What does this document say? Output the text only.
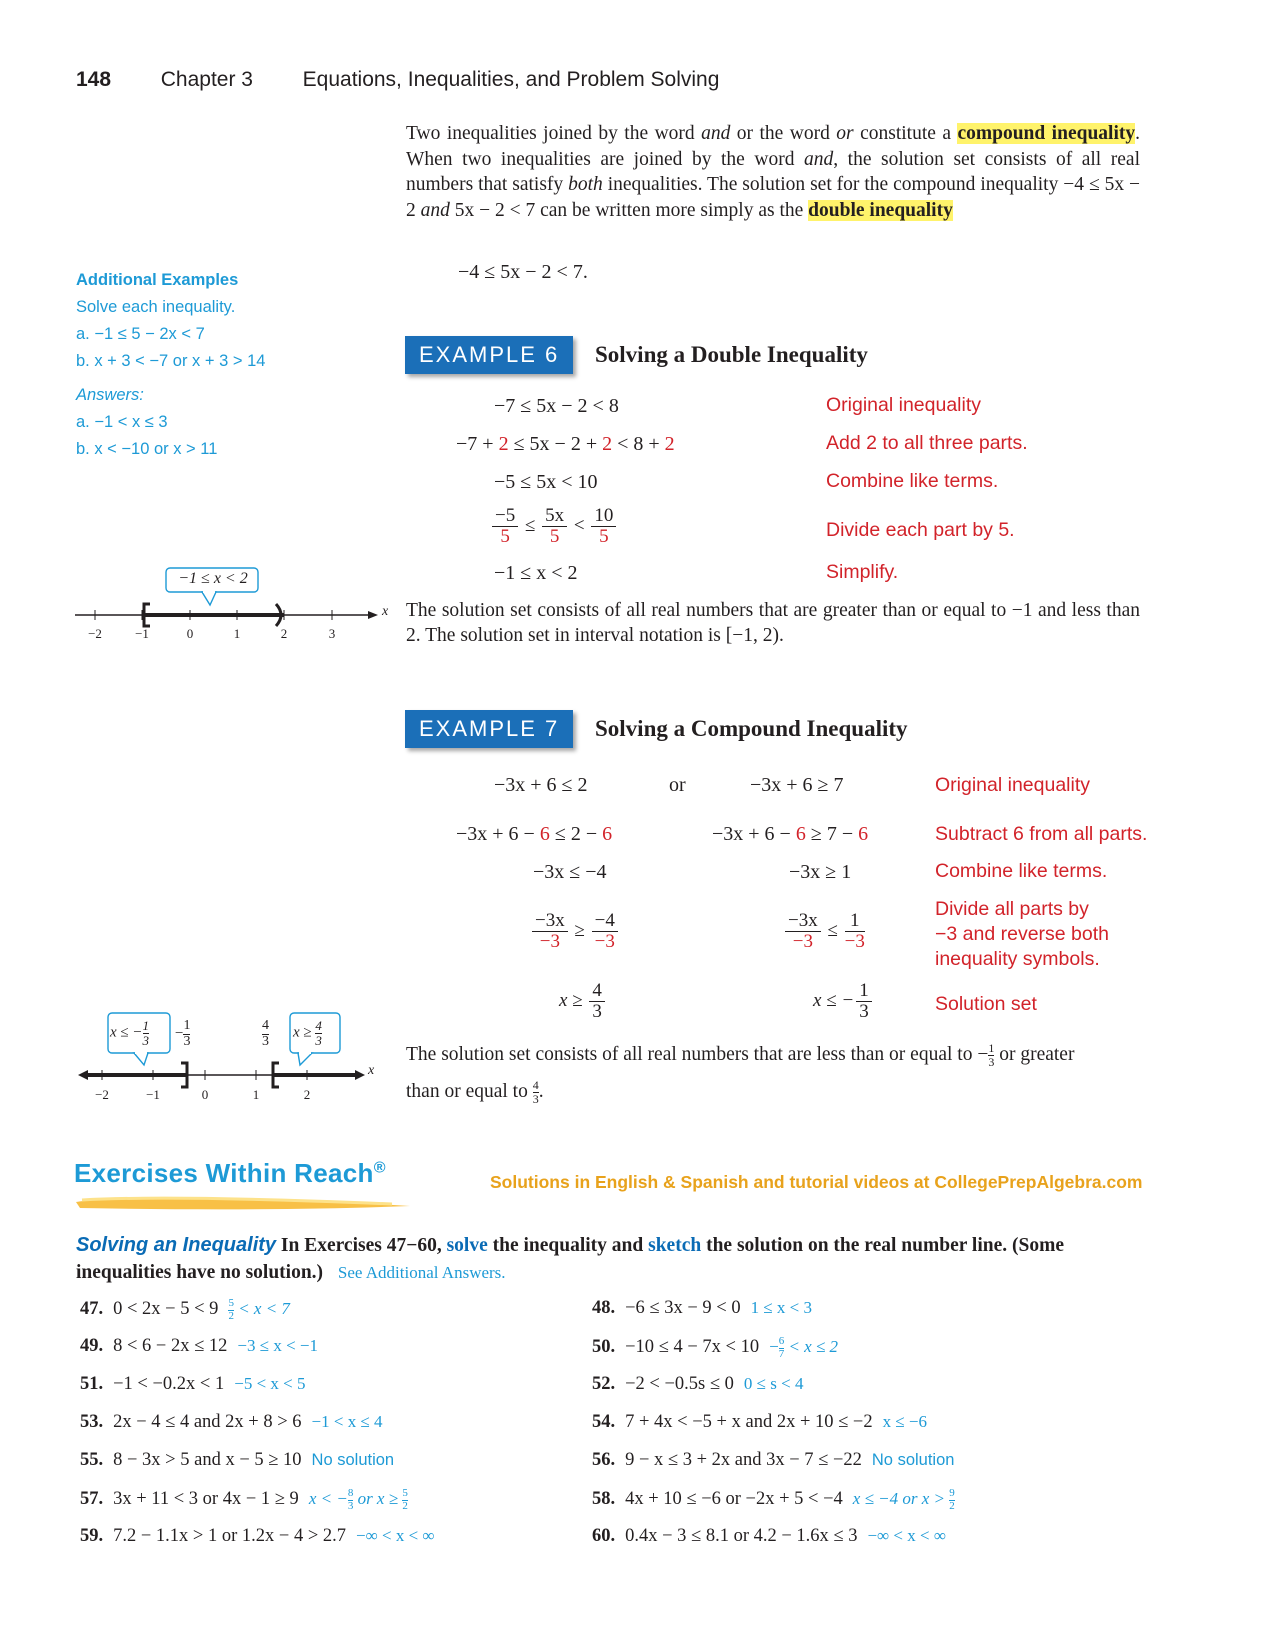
148 Chapter 3 Equations, Inequalities, and Problem Solving
Two inequalities joined by the word and or the word or constitute a compound inequality. When two inequalities are joined by the word and, the solution set consists of all real numbers that satisfy both inequalities. The solution set for the compound inequality −4 ≤ 5x − 2 and 5x − 2 < 7 can be written more simply as the double inequality
−4 ≤ 5x − 2 < 7.
Additional Examples
Solve each inequality.
a. −1 ≤ 5 − 2x < 7
b. x + 3 < −7 or x + 3 > 14
Answers:
a. −1 < x ≤ 3
b. x < −10 or x > 11
EXAMPLE 6	Solving a Double Inequality
−7 ≤ 5x − 2 < 8	Original inequality
−7 + 2 ≤ 5x − 2 + 2 < 8 + 2	Add 2 to all three parts.
−5 ≤ 5x < 10	Combine like terms.
$\frac{-5}{5} \le \frac{5x}{5} < \frac{10}{5}$	Divide each part by 5.
−1 ≤ x < 2	Simplify.
The solution set consists of all real numbers that are greater than or equal to −1 and less than 2. The solution set in interval notation is [−1, 2).
−1 ≤ x < 2
−2	−1	0	1	2	3
x
EXAMPLE 7	Solving a Compound Inequality
−3x + 6 ≤ 2	or	−3x + 6 ≥ 7	Original inequality
−3x + 6 − 6 ≤ 2 − 6	−3x + 6 − 6 ≥ 7 − 6	Subtract 6 from all parts.
−3x ≤ −4	−3x ≥ 1	Combine like terms.
$\frac{-3x}{-3} \ge \frac{-4}{-3}$	$\frac{-3x}{-3} \le \frac{1}{-3}$
Divide all parts by
−3 and reverse both
inequality symbols.
$x \ge \frac{4}{3}$	x ≤ − $\frac{1}{3}$	Solution set
The solution set consists of all real numbers that are less than or equal to − $\frac{1}{3}$ or greater
than or equal to $\frac{4}{3}$ .
x ≤ − $\frac{1}{3}$	$x \ge \frac{4}{3}$
− $\frac{1}{3}$	$\frac{4}{3}$
−2	−1	0	1	2
x
Exercises Within Reach®
Solutions in English & Spanish and tutorial videos at CollegePrepAlgebra.com
Solving an Inequality In Exercises 47−60, solve the inequality and sketch the solution on the real number line. (Some inequalities have no solution.) See Additional Answers.
47. $0 < 2x - 5 < 9 \frac{5}{2} < x < 7$	48. −6 ≤ 3x − 9 < 0 1 ≤ x < 3
49. 8 < 6 − 2x ≤ 12 −3 ≤ x < −1	50. $-10 \le 4 - 7x < 10 - \frac{6}{7} < x \le 2$
51. −1 < −0.2x < 1 −5 < x < 5	52. −2 < −0.5s ≤ 0 0 ≤ s < 4
53. 2x − 4 ≤ 4 and 2x + 8 > 6 −1 < x ≤ 4	54. 7 + 4x < −5 + x and 2x + 10 ≤ −2 x ≤ −6
55. 8 − 3x > 5 and x − 5 ≥ 10 No solution	56. 9 − x ≤ 3 + 2x and 3x − 7 ≤ −22 No solution
57. 3x + 11 < 3 or 4x − 1 ≥ 9 x < − $\frac{8}{3}$ or $x \ge \frac{5}{2}$	58. 4x + 10 ≤ −6 or −2x + 5 < −4 x ≤ −4 or $x > \frac{9}{2}$
59. 7.2 − 1.1x > 1 or 1.2x − 4 > 2.7 −∞ < x < ∞	60. 0.4x − 3 ≤ 8.1 or 4.2 − 1.6x ≤ 3 −∞ < x < ∞
